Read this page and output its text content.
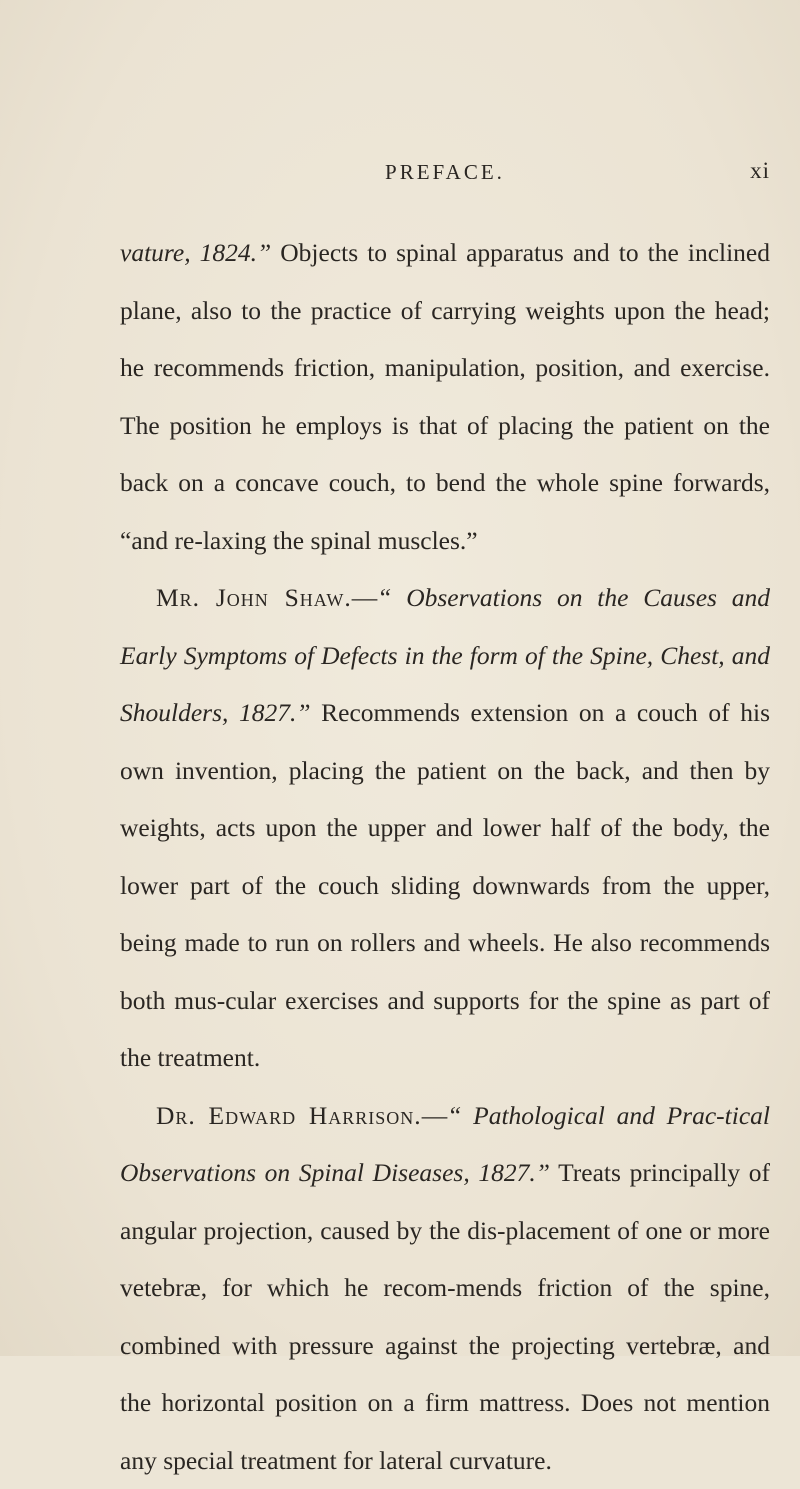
PREFACE.	xi

vature, 1824.” Objects to spinal apparatus and to the inclined plane, also to the practice of carrying weights upon the head; he recommends friction, manipulation, position, and exercise. The position he employs is that of placing the patient on the back on a concave couch, to bend the whole spine forwards, “and re-laxing the spinal muscles.”

Mr. John Shaw.—“ Observations on the Causes and Early Symptoms of Defects in the form of the Spine, Chest, and Shoulders, 1827.” Recommends extension on a couch of his own invention, placing the patient on the back, and then by weights, acts upon the upper and lower half of the body, the lower part of the couch sliding downwards from the upper, being made to run on rollers and wheels. He also recommends both mus-cular exercises and supports for the spine as part of the treatment.

Dr. Edward Harrison.—“ Pathological and Prac-tical Observations on Spinal Diseases, 1827.” Treats principally of angular projection, caused by the dis-placement of one or more vetebræ, for which he recom-mends friction of the spine, combined with pressure against the projecting vertebræ, and the horizontal position on a firm mattress. Does not mention any special treatment for lateral curvature.
